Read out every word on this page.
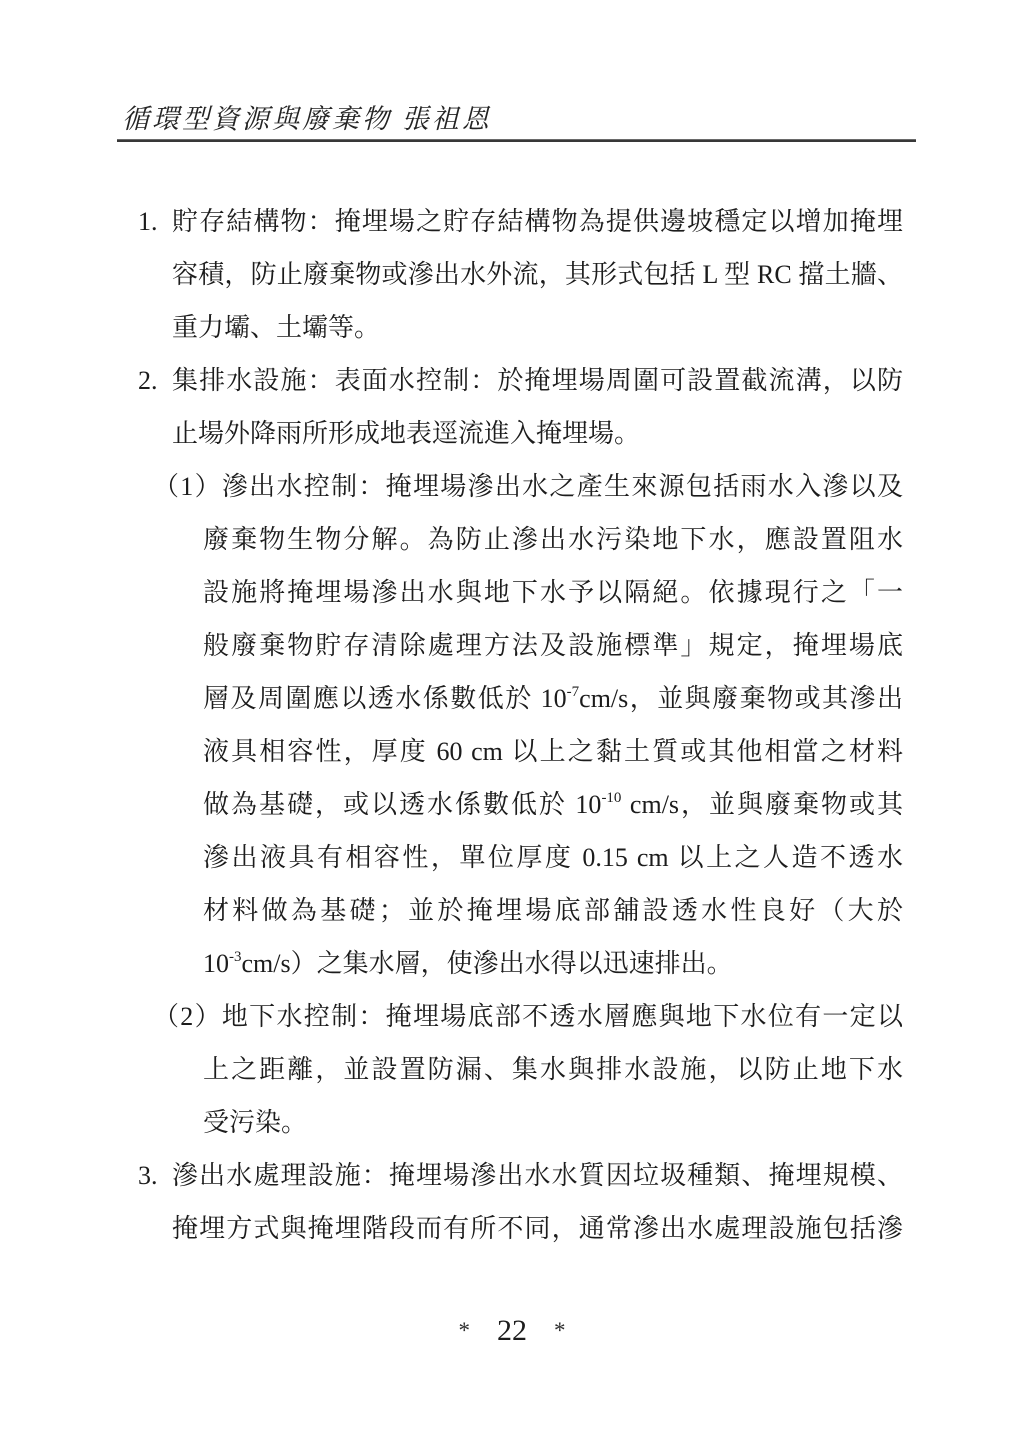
循環型資源與廢棄物 張祖恩
1. 貯存結構物：掩埋場之貯存結構物為提供邊坡穩定以增加掩埋
容積，防止廢棄物或滲出水外流，其形式包括 L 型 RC 擋土牆、
重力壩、土壩等。
2. 集排水設施：表面水控制：於掩埋場周圍可設置截流溝，以防
止場外降雨所形成地表逕流進入掩埋場。
（1）滲出水控制：掩埋場滲出水之產生來源包括雨水入滲以及
廢棄物生物分解。為防止滲出水污染地下水，應設置阻水
設施將掩埋場滲出水與地下水予以隔絕。依據現行之「一
般廢棄物貯存清除處理方法及設施標準」規定，掩埋場底
層及周圍應以透水係數低於 $10^{-7}cm/s$，並與廢棄物或其滲出
液具相容性，厚度 60 cm 以上之黏土質或其他相當之材料
做為基礎，或以透水係數低於 $10^{-10}$ cm/s，並與廢棄物或其
滲出液具有相容性，單位厚度 0.15 cm 以上之人造不透水
材料做為基礎；並於掩埋場底部舖設透水性良好（大於
$10^{-3}cm/s$）之集水層，使滲出水得以迅速排出。
（2）地下水控制：掩埋場底部不透水層應與地下水位有一定以
上之距離，並設置防漏、集水與排水設施，以防止地下水
受污染。
3. 滲出水處理設施：掩埋場滲出水水質因垃圾種類、掩埋規模、
掩埋方式與掩埋階段而有所不同，通常滲出水處理設施包括滲
* 22 *
